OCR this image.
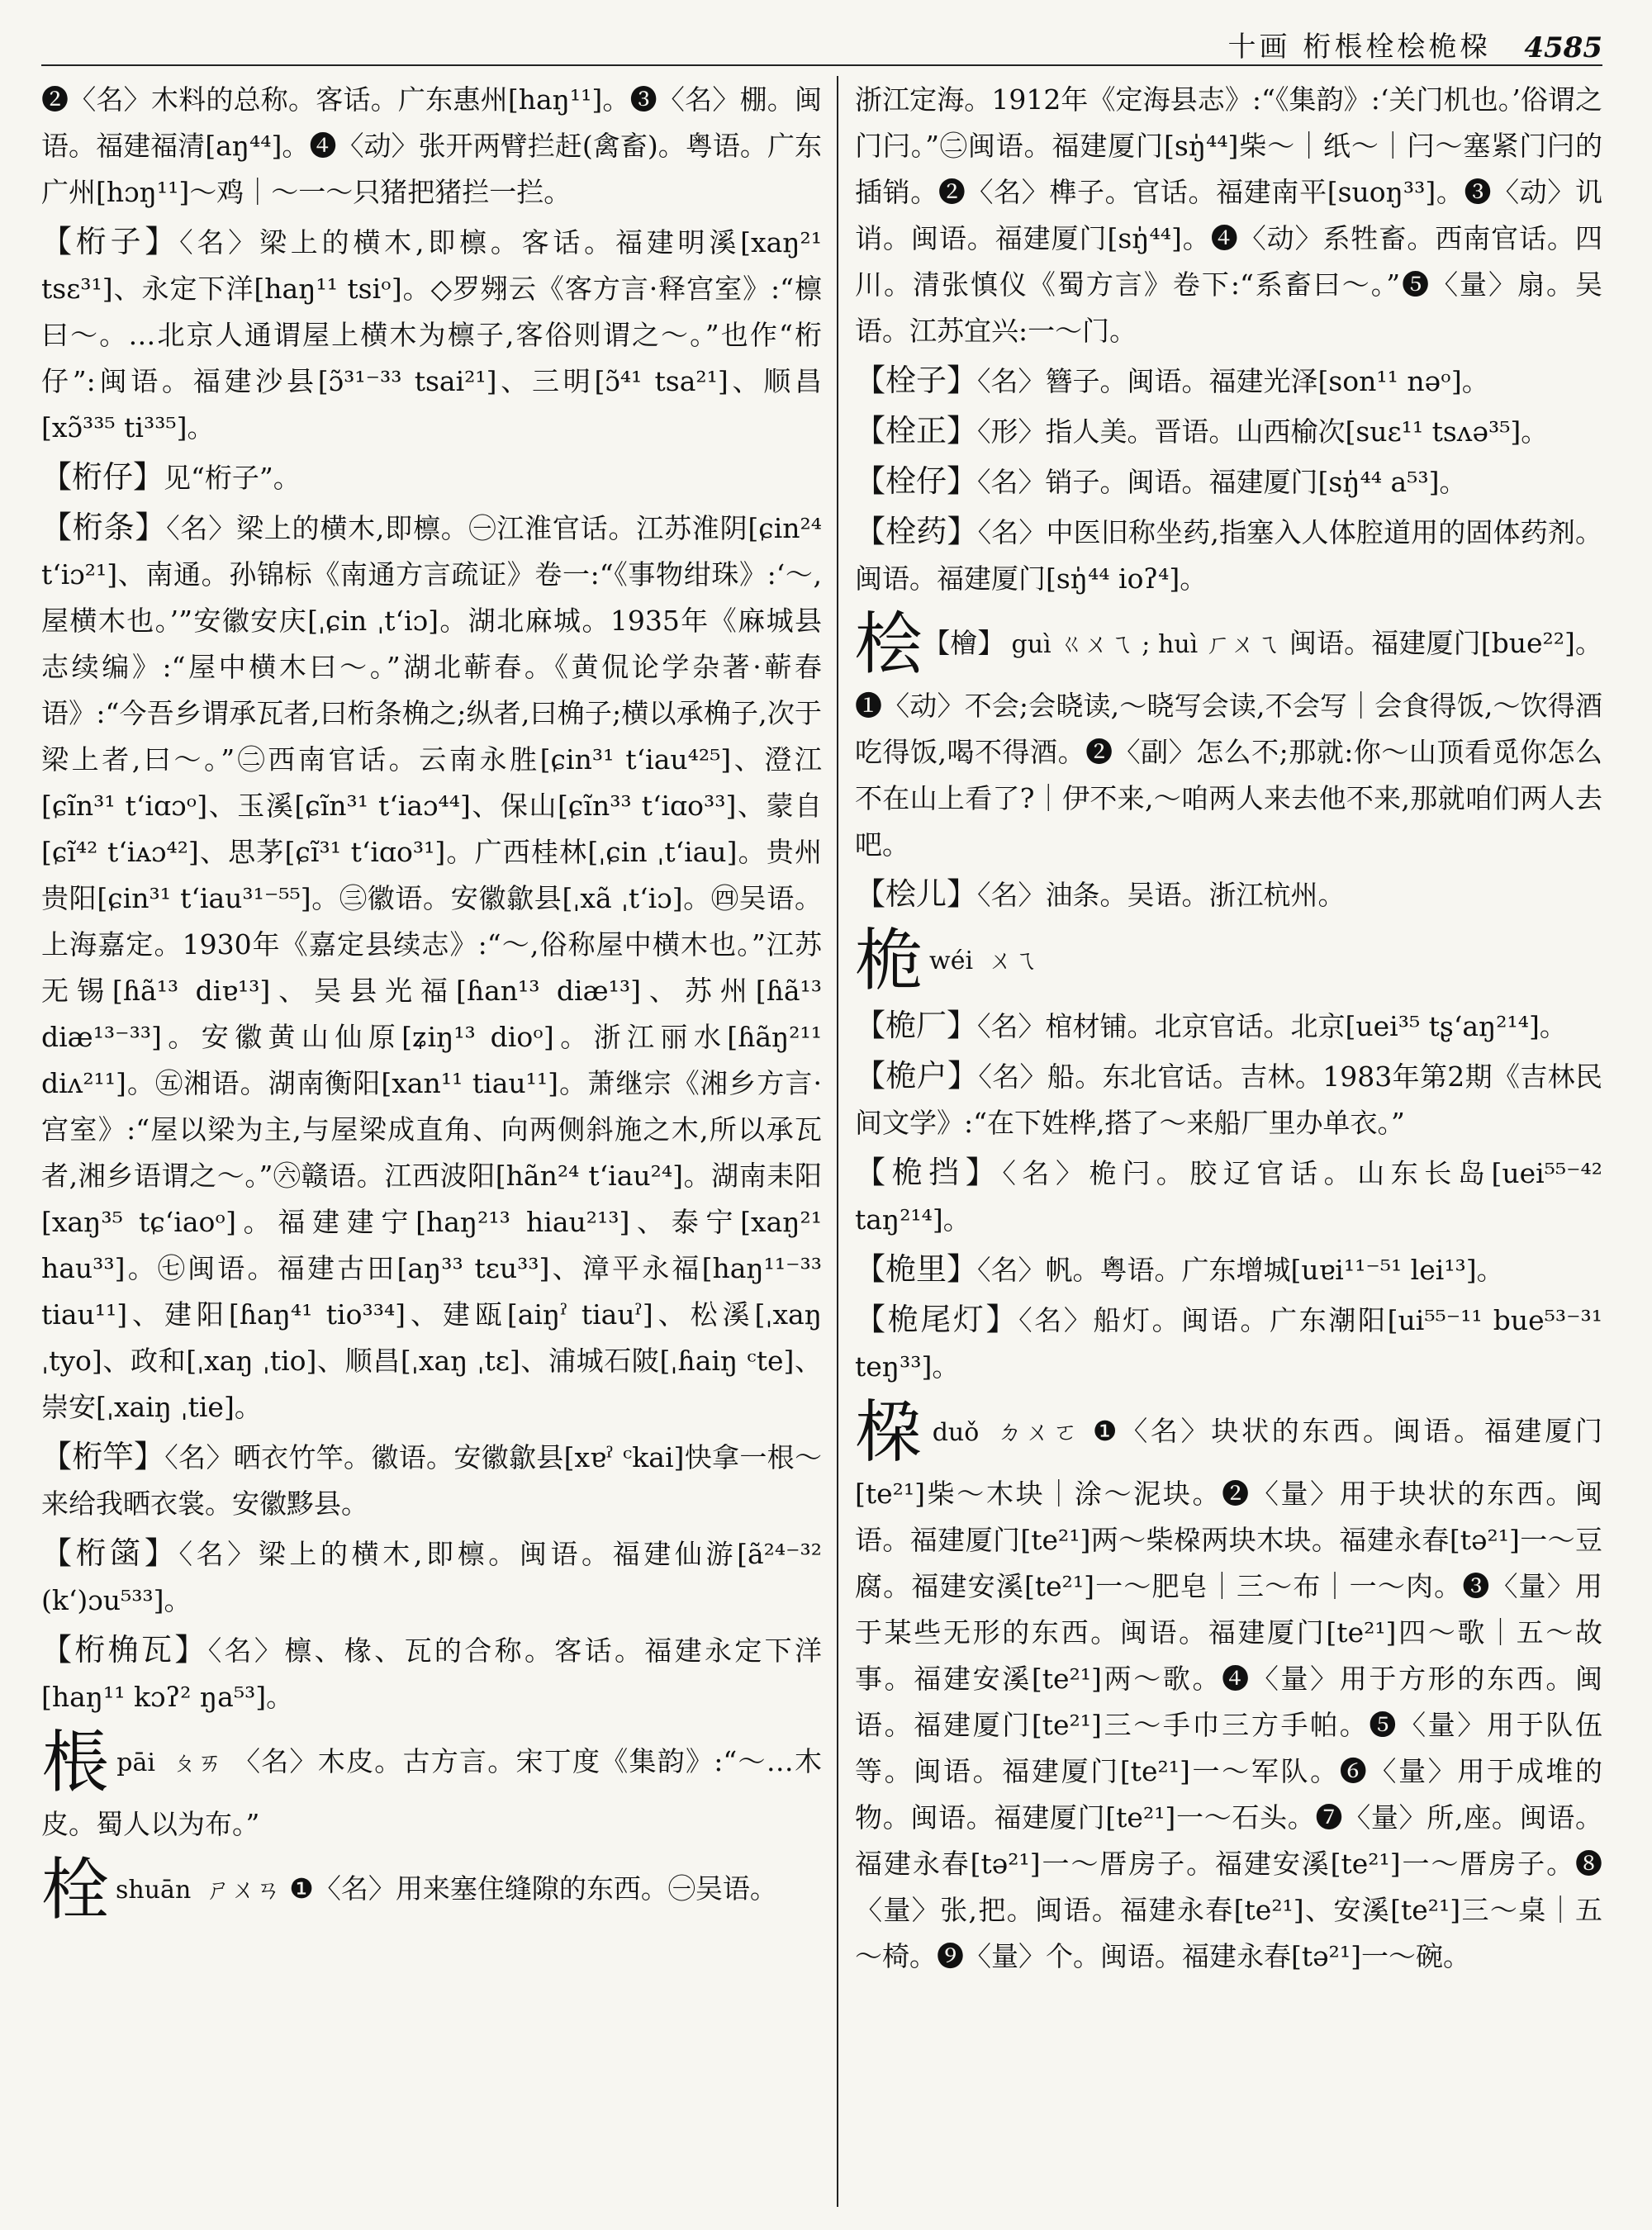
十画 桁棖栓桧桅桗 4585
❷〈名〉木料的总称。客话。广东惠州[haŋ¹¹]。❸〈名〉棚。闽语。福建福清[aŋ⁴⁴]。❹〈动〉张开两臂拦赶(禽畜)。粤语。广东广州[hɔŋ¹¹]～鸡｜～一～只猪把猪拦一拦。
【桁子】〈名〉梁上的横木,即檩。客话。福建明溪[xaŋ²¹ tsɛ³¹]、永定下洋[haŋ¹¹ tsiᵒ]。◇罗翙云《客方言·释宫室》:“檩曰～。…北京人通谓屋上横木为檩子,客俗则谓之～。”也作“桁仔”:闽语。福建沙县[ɔ̃³¹⁻³³ tsai²¹]、三明[ɔ̃⁴¹ tsa²¹]、顺昌[xɔ̃³³⁵ ti³³⁵]。
【桁仔】见“桁子”。
【桁条】〈名〉梁上的横木,即檩。㊀江淮官话。江苏淮阴[ɕin²⁴ tʻiɔ²¹]、南通。孙锦标《南通方言疏证》卷一:“《事物绀珠》:‘～,屋横木也。’”安徽安庆[ˌɕin ˌtʻiɔ]。湖北麻城。1935年《麻城县志续编》:“屋中横木曰～。”湖北蕲春。《黄侃论学杂著·蕲春语》:“今吾乡谓承瓦者,曰桁条桷之;纵者,曰桷子;横以承桷子,次于梁上者,曰～。”㊁西南官话。云南永胜[ɕin³¹ tʻiau⁴²⁵]、澄江[ɕĩn³¹ tʻiɑɔᵒ]、玉溪[ɕĩn³¹ tʻiaɔ⁴⁴]、保山[ɕĩn³³ tʻiɑo³³]、蒙自[ɕĩ⁴² tʻiᴀɔ⁴²]、思茅[ɕĩ³¹ tʻiɑo³¹]。广西桂林[ˌɕin ˌtʻiau]。贵州贵阳[ɕin³¹ tʻiau³¹⁻⁵⁵]。㊂徽语。安徽歙县[ˌxã ˌtʻiɔ]。㊃吴语。上海嘉定。1930年《嘉定县续志》:“～,俗称屋中横木也。”江苏无锡[ɦã¹³ diɐ¹³]、吴县光福[ɦan¹³ diæ¹³]、苏州[ɦã¹³ diæ¹³⁻³³]。安徽黄山仙原[ʑiŋ¹³ dioᵒ]。浙江丽水[ɦãŋ²¹¹ diᴧ²¹¹]。㊄湘语。湖南衡阳[xan¹¹ tiau¹¹]。萧继宗《湘乡方言·宫室》:“屋以梁为主,与屋梁成直角、向两侧斜施之木,所以承瓦者,湘乡语谓之～。”㊅赣语。江西波阳[hãn²⁴ tʻiau²⁴]。湖南耒阳[xaŋ³⁵ tɕʻiaoᵒ]。福建建宁[haŋ²¹³ hiau²¹³]、泰宁[xaŋ²¹ hau³³]。㊆闽语。福建古田[aŋ³³ tɛu³³]、漳平永福[haŋ¹¹⁻³³ tiau¹¹]、建阳[ɦaŋ⁴¹ tio³³⁴]、建瓯[aiŋˀ tiauˀ]、松溪[ˌxaŋ ˌtyo]、政和[ˌxaŋ ˌtio]、顺昌[ˌxaŋ ˌtɛ]、浦城石陂[ˌɦaiŋ ᶜte]、崇安[ˌxaiŋ ˌtie]。
【桁竿】〈名〉晒衣竹竿。徽语。安徽歙县[xɐˀ ᶜkai]快拿一根～来给我晒衣裳。安徽黟县。
【桁䈄】〈名〉梁上的横木,即檩。闽语。福建仙游[ã²⁴⁻³² (kʻ)ɔu⁵³³]。
【桁桷瓦】〈名〉檩、椽、瓦的合称。客话。福建永定下洋[haŋ¹¹ kɔʔ² ŋa⁵³]。
棖pāi ㄆㄞ 〈名〉木皮。古方言。宋丁度《集韵》:“～…木皮。蜀人以为布。”
栓shuān ㄕㄨㄢ ❶〈名〉用来塞住缝隙的东西。㊀吴语。
浙江定海。1912年《定海县志》:“《集韵》:‘关门机也。’俗谓之门闩。”㊁闽语。福建厦门[sŋ̍⁴⁴]柴～｜纸～｜闩～塞紧门闩的插销。❷〈名〉榫子。官话。福建南平[suoŋ³³]。❸〈动〉讥诮。闽语。福建厦门[sŋ̍⁴⁴]。❹〈动〉系牲畜。西南官话。四川。清张慎仪《蜀方言》卷下:“系畜曰～。”❺〈量〉扇。吴语。江苏宜兴:一～门。
【栓子】〈名〉簪子。闽语。福建光泽[son¹¹ nəᵒ]。
【栓正】〈形〉指人美。晋语。山西榆次[suɛ¹¹ tsʌə³⁵]。
【栓仔】〈名〉销子。闽语。福建厦门[sŋ̍⁴⁴ a⁵³]。
【栓药】〈名〉中医旧称坐药,指塞入人体腔道用的固体药剂。闽语。福建厦门[sŋ̍⁴⁴ ioʔ⁴]。
桧【檜】 guì ㄍㄨㄟ ; huì ㄏㄨㄟ 闽语。福建厦门[bue²²]。❶〈动〉不会;会晓读,～晓写会读,不会写｜会食得饭,～饮得酒吃得饭,喝不得酒。❷〈副〉怎么不;那就:你～山顶看觅你怎么不在山上看了?｜伊不来,～咱两人来去他不来,那就咱们两人去吧。
【桧儿】〈名〉油条。吴语。浙江杭州。
桅wéi ㄨㄟ
【桅厂】〈名〉棺材铺。北京官话。北京[uei³⁵ tʂʻaŋ²¹⁴]。
【桅户】〈名〉船。东北官话。吉林。1983年第2期《吉林民间文学》:“在下姓桦,搭了～来船厂里办单衣。”
【桅挡】〈名〉桅闩。胶辽官话。山东长岛[uei⁵⁵⁻⁴² taŋ²¹⁴]。
【桅里】〈名〉帆。粤语。广东增城[uɐi¹¹⁻⁵¹ lei¹³]。
【桅尾灯】〈名〉船灯。闽语。广东潮阳[ui⁵⁵⁻¹¹ bue⁵³⁻³¹ teŋ³³]。
桗duǒ ㄉㄨㄛ ❶〈名〉块状的东西。闽语。福建厦门[te²¹]柴～木块｜涂～泥块。❷〈量〉用于块状的东西。闽语。福建厦门[te²¹]两～柴桗两块木块。福建永春[tə²¹]一～豆腐。福建安溪[te²¹]一～肥皂｜三～布｜一～肉。❸〈量〉用于某些无形的东西。闽语。福建厦门[te²¹]四～歌｜五～故事。福建安溪[te²¹]两～歌。❹〈量〉用于方形的东西。闽语。福建厦门[te²¹]三～手巾三方手帕。❺〈量〉用于队伍等。闽语。福建厦门[te²¹]一～军队。❻〈量〉用于成堆的物。闽语。福建厦门[te²¹]一～石头。❼〈量〉所,座。闽语。福建永春[tə²¹]一～厝房子。福建安溪[te²¹]一～厝房子。❽〈量〉张,把。闽语。福建永春[te²¹]、安溪[te²¹]三～桌｜五～椅。❾〈量〉个。闽语。福建永春[tə²¹]一～碗。
